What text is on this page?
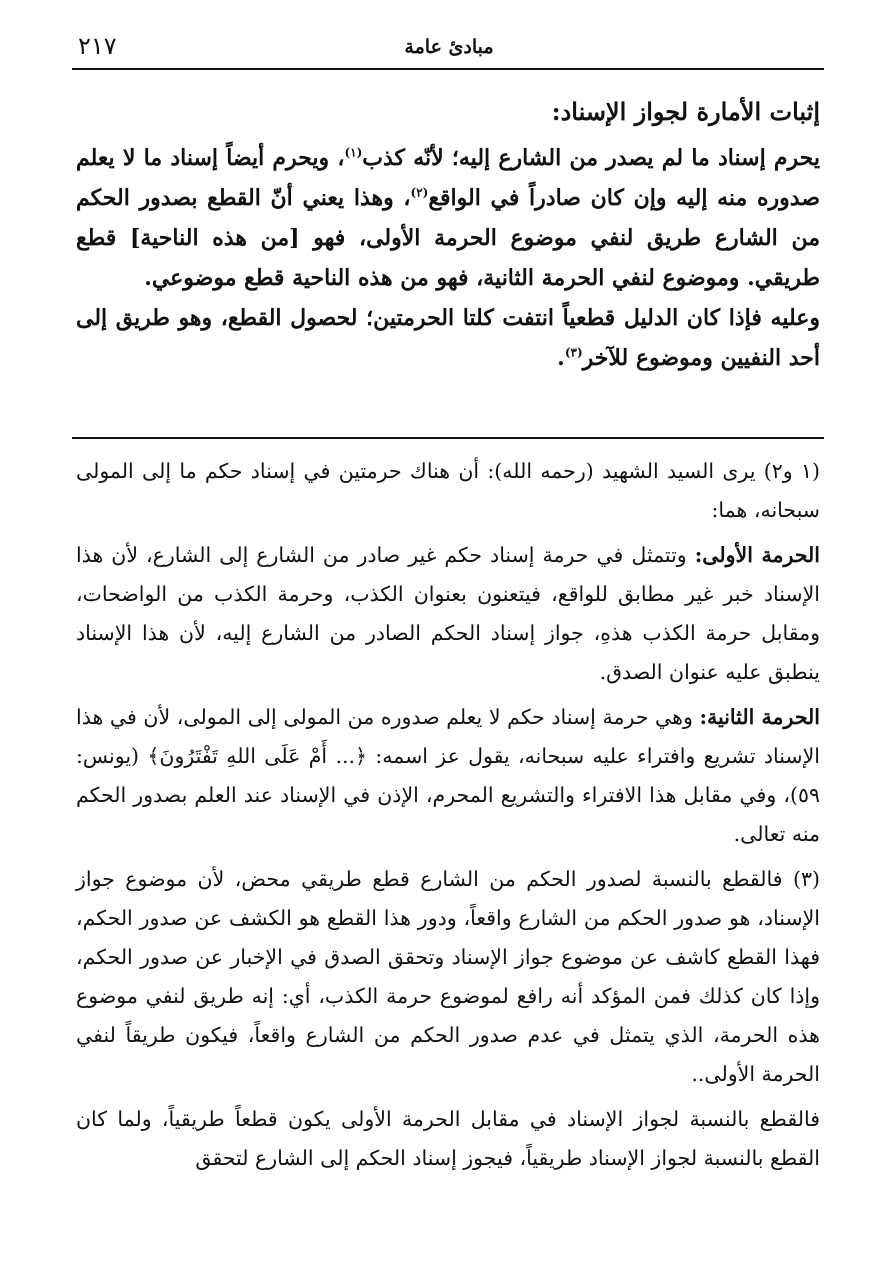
مبادئ عامة
٢١٧
إثبات الأمارة لجواز الإسناد:

يحرم إسناد ما لم يصدر من الشارع إليه؛ لأنّه كذب$^{(١)}$، ويحرم أيضاً إسناد ما لا يعلم صدوره منه إليه وإن كان صادراً في الواقع$^{(٢)}$، وهذا يعني أنّ القطع بصدور الحكم من الشارع طريق لنفي موضوع الحرمة الأولى، فهو [من هذه الناحية] قطع طريقي. وموضوع لنفي الحرمة الثانية، فهو من هذه الناحية قطع موضوعي.

وعليه فإذا كان الدليل قطعياً انتفت كلتا الحرمتين؛ لحصول القطع، وهو طريق إلى أحد النفيين وموضوع للآخر$^{(٣)}$.

(١ و٢) يرى السيد الشهيد (رحمه الله): أن هناك حرمتين في إسناد حكم ما إلى المولى سبحانه، هما:

الحرمة الأولى: وتتمثل في حرمة إسناد حكم غير صادر من الشارع إلى الشارع، لأن هذا الإسناد خبر غير مطابق للواقع، فيتعنون بعنوان الكذب، وحرمة الكذب من الواضحات، ومقابل حرمة الكذب هذهِ، جواز إسناد الحكم الصادر من الشارع إليه، لأن هذا الإسناد ينطبق عليه عنوان الصدق.

الحرمة الثانية: وهي حرمة إسناد حكم لا يعلم صدوره من المولى إلى المولى، لأن في هذا الإسناد تشريع وافتراء عليه سبحانه، يقول عز اسمه: ﴿... أَمْ عَلَى اللهِ تَفْتَرُونَ﴾ (يونس: ٥٩)، وفي مقابل هذا الافتراء والتشريع المحرم، الإذن في الإسناد عند العلم بصدور الحكم منه تعالى.

(٣) فالقطع بالنسبة لصدور الحكم من الشارع قطع طريقي محض، لأن موضوع جواز الإسناد، هو صدور الحكم من الشارع واقعاً، ودور هذا القطع هو الكشف عن صدور الحكم، فهذا القطع كاشف عن موضوع جواز الإسناد وتحقق الصدق في الإخبار عن صدور الحكم، وإذا كان كذلك فمن المؤكد أنه رافع لموضوع حرمة الكذب، أي: إنه طريق لنفي موضوع هذه الحرمة، الذي يتمثل في عدم صدور الحكم من الشارع واقعاً، فيكون طريقاً لنفي الحرمة الأولى..

فالقطع بالنسبة لجواز الإسناد في مقابل الحرمة الأولى يكون قطعاً طريقياً، ولما كان القطع بالنسبة لجواز الإسناد طريقياً، فيجوز إسناد الحكم إلى الشارع لتحقق
